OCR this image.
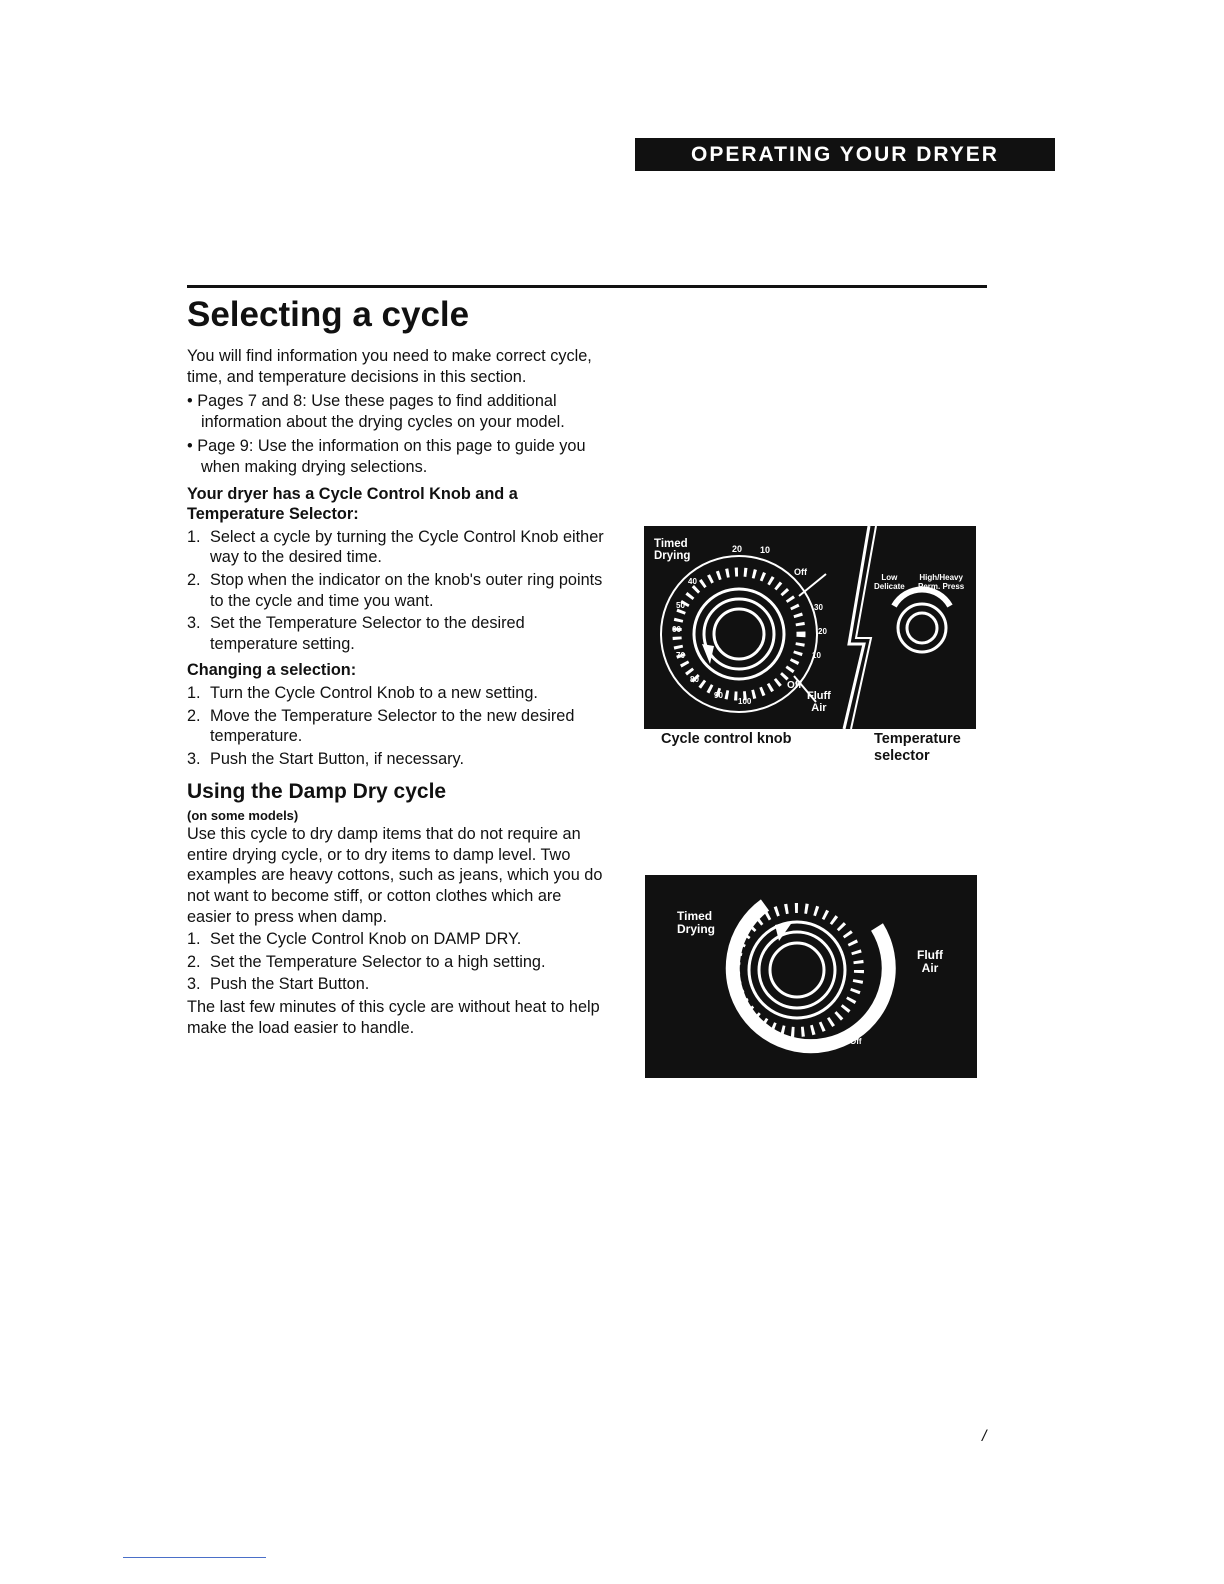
OPERATING YOUR DRYER
Selecting a cycle

You will find information you need to make correct cycle, time, and temperature decisions in this section.

• Pages 7 and 8: Use these pages to find additional information about the drying cycles on your model.

• Page 9: Use the information on this page to guide you when making drying selections.

Your dryer has a Cycle Control Knob and a Temperature Selector:

1. Select a cycle by turning the Cycle Control Knob either way to the desired time.
2. Stop when the indicator on the knob's outer ring points to the cycle and time you want.
3. Set the Temperature Selector to the desired temperature setting.

Changing a selection:

1. Turn the Cycle Control Knob to a new setting.
2. Move the Temperature Selector to the new desired temperature.
3. Push the Start Button, if necessary.
Using the Damp Dry cycle

(on some models)

Use this cycle to dry damp items that do not require an entire drying cycle, or to dry items to damp level. Two examples are heavy cottons, such as jeans, which you do not want to become stiff, or cotton clothes which are easier to press when damp.

1. Set the Cycle Control Knob on DAMP DRY.
2. Set the Temperature Selector to a high setting.
3. Push the Start Button.

The last few minutes of this cycle are without heat to help make the load easier to handle.

Timed
Drying
20 10
40
50
60
70
80
90
100
30
20
10
Off
Off
Fluff
Air
Low
Delicate
High/Heavy
Perm. Press
Cycle control knob	Temperature
selector
Timed
Drying
Fluff
Air
Off
/
